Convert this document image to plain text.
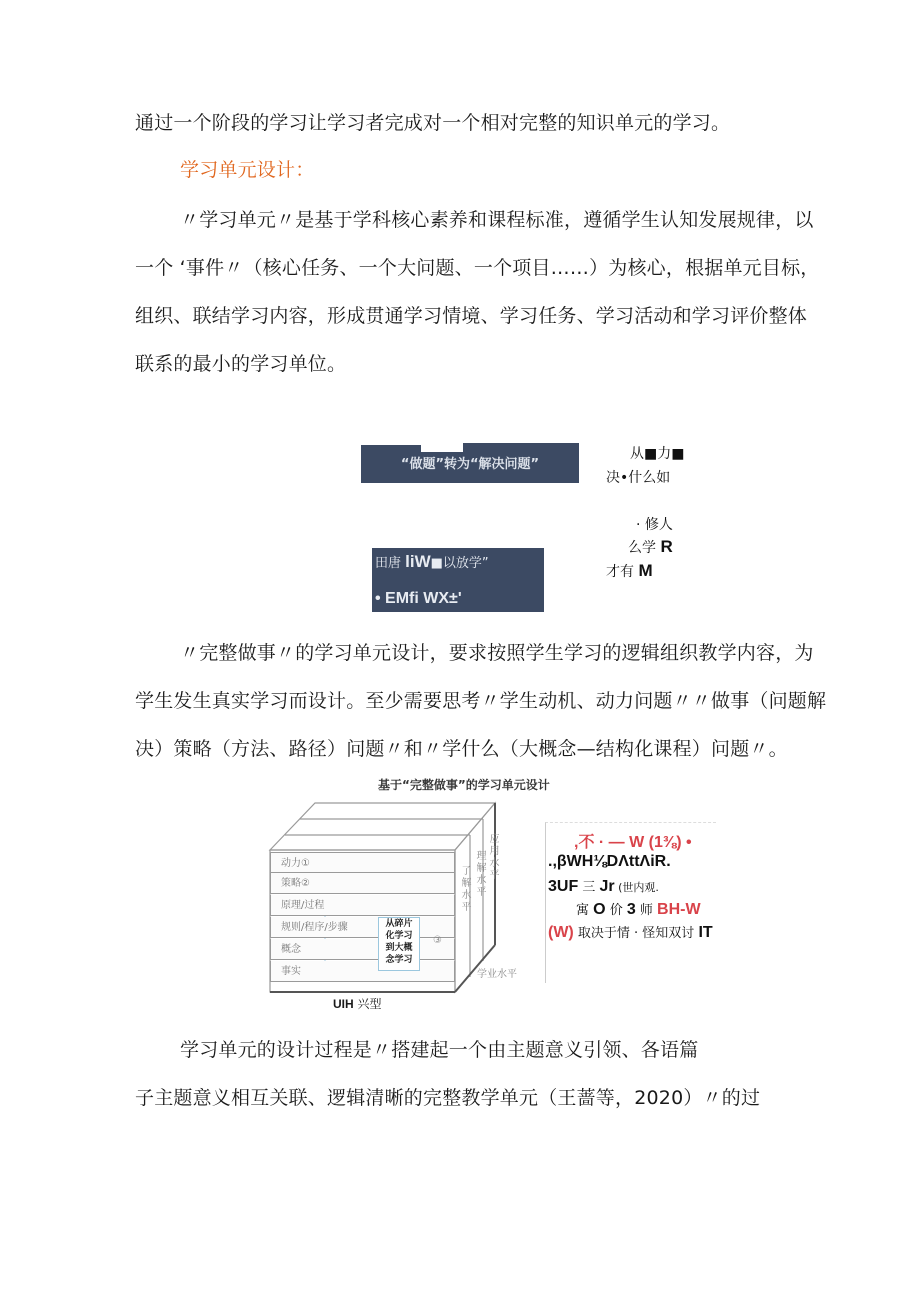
通过一个阶段的学习让学习者完成对一个相对完整的知识单元的学习。
学习单元设计：
〃学习单元〃是基于学科核心素养和课程标准，遵循学生认知发展规律，以
一个 ‘事件〃（核心任务、一个大问题、一个项目……）为核心，根据单元目标，
组织、联结学习内容，形成贯通学习情境、学习任务、学习活动和学习评价整体
联系的最小的学习单位。
“做题”转为“解决问题”
田唐 liW■以放学”
• EMfi WX±'
从■力■
决•什么如
· 修人
么学 R
才有 M
〃完整做事〃的学习单元设计，要求按照学生学习的逻辑组织教学内容，为
学生发生真实学习而设计。至少需要思考〃学生动机、动力问题〃〃做事（问题解
决）策略（方法、路径）问题〃和〃学什么（大概念—结构化课程）问题〃。
基于“完整做事”的学习单元设计
动力①
策略②
原理/过程
规则/程序/步骤
概念
事实
从碎片
化学习
到大概
念学习
③
了解水平 理解水平 应用水平
学业水平
UIH 兴型
,不 · — W (1⅜) •
.,βWH⅛DΛttΛiR.
3UF 三 Jr (世内观.
寓 O 价 3 师 BH-W
(W) 取决于情 · 怪知双讨 IT
学习单元的设计过程是〃搭建起一个由主题意义引领、各语篇
子主题意义相互关联、逻辑清晰的完整教学单元（王蔷等，2020）〃的过
